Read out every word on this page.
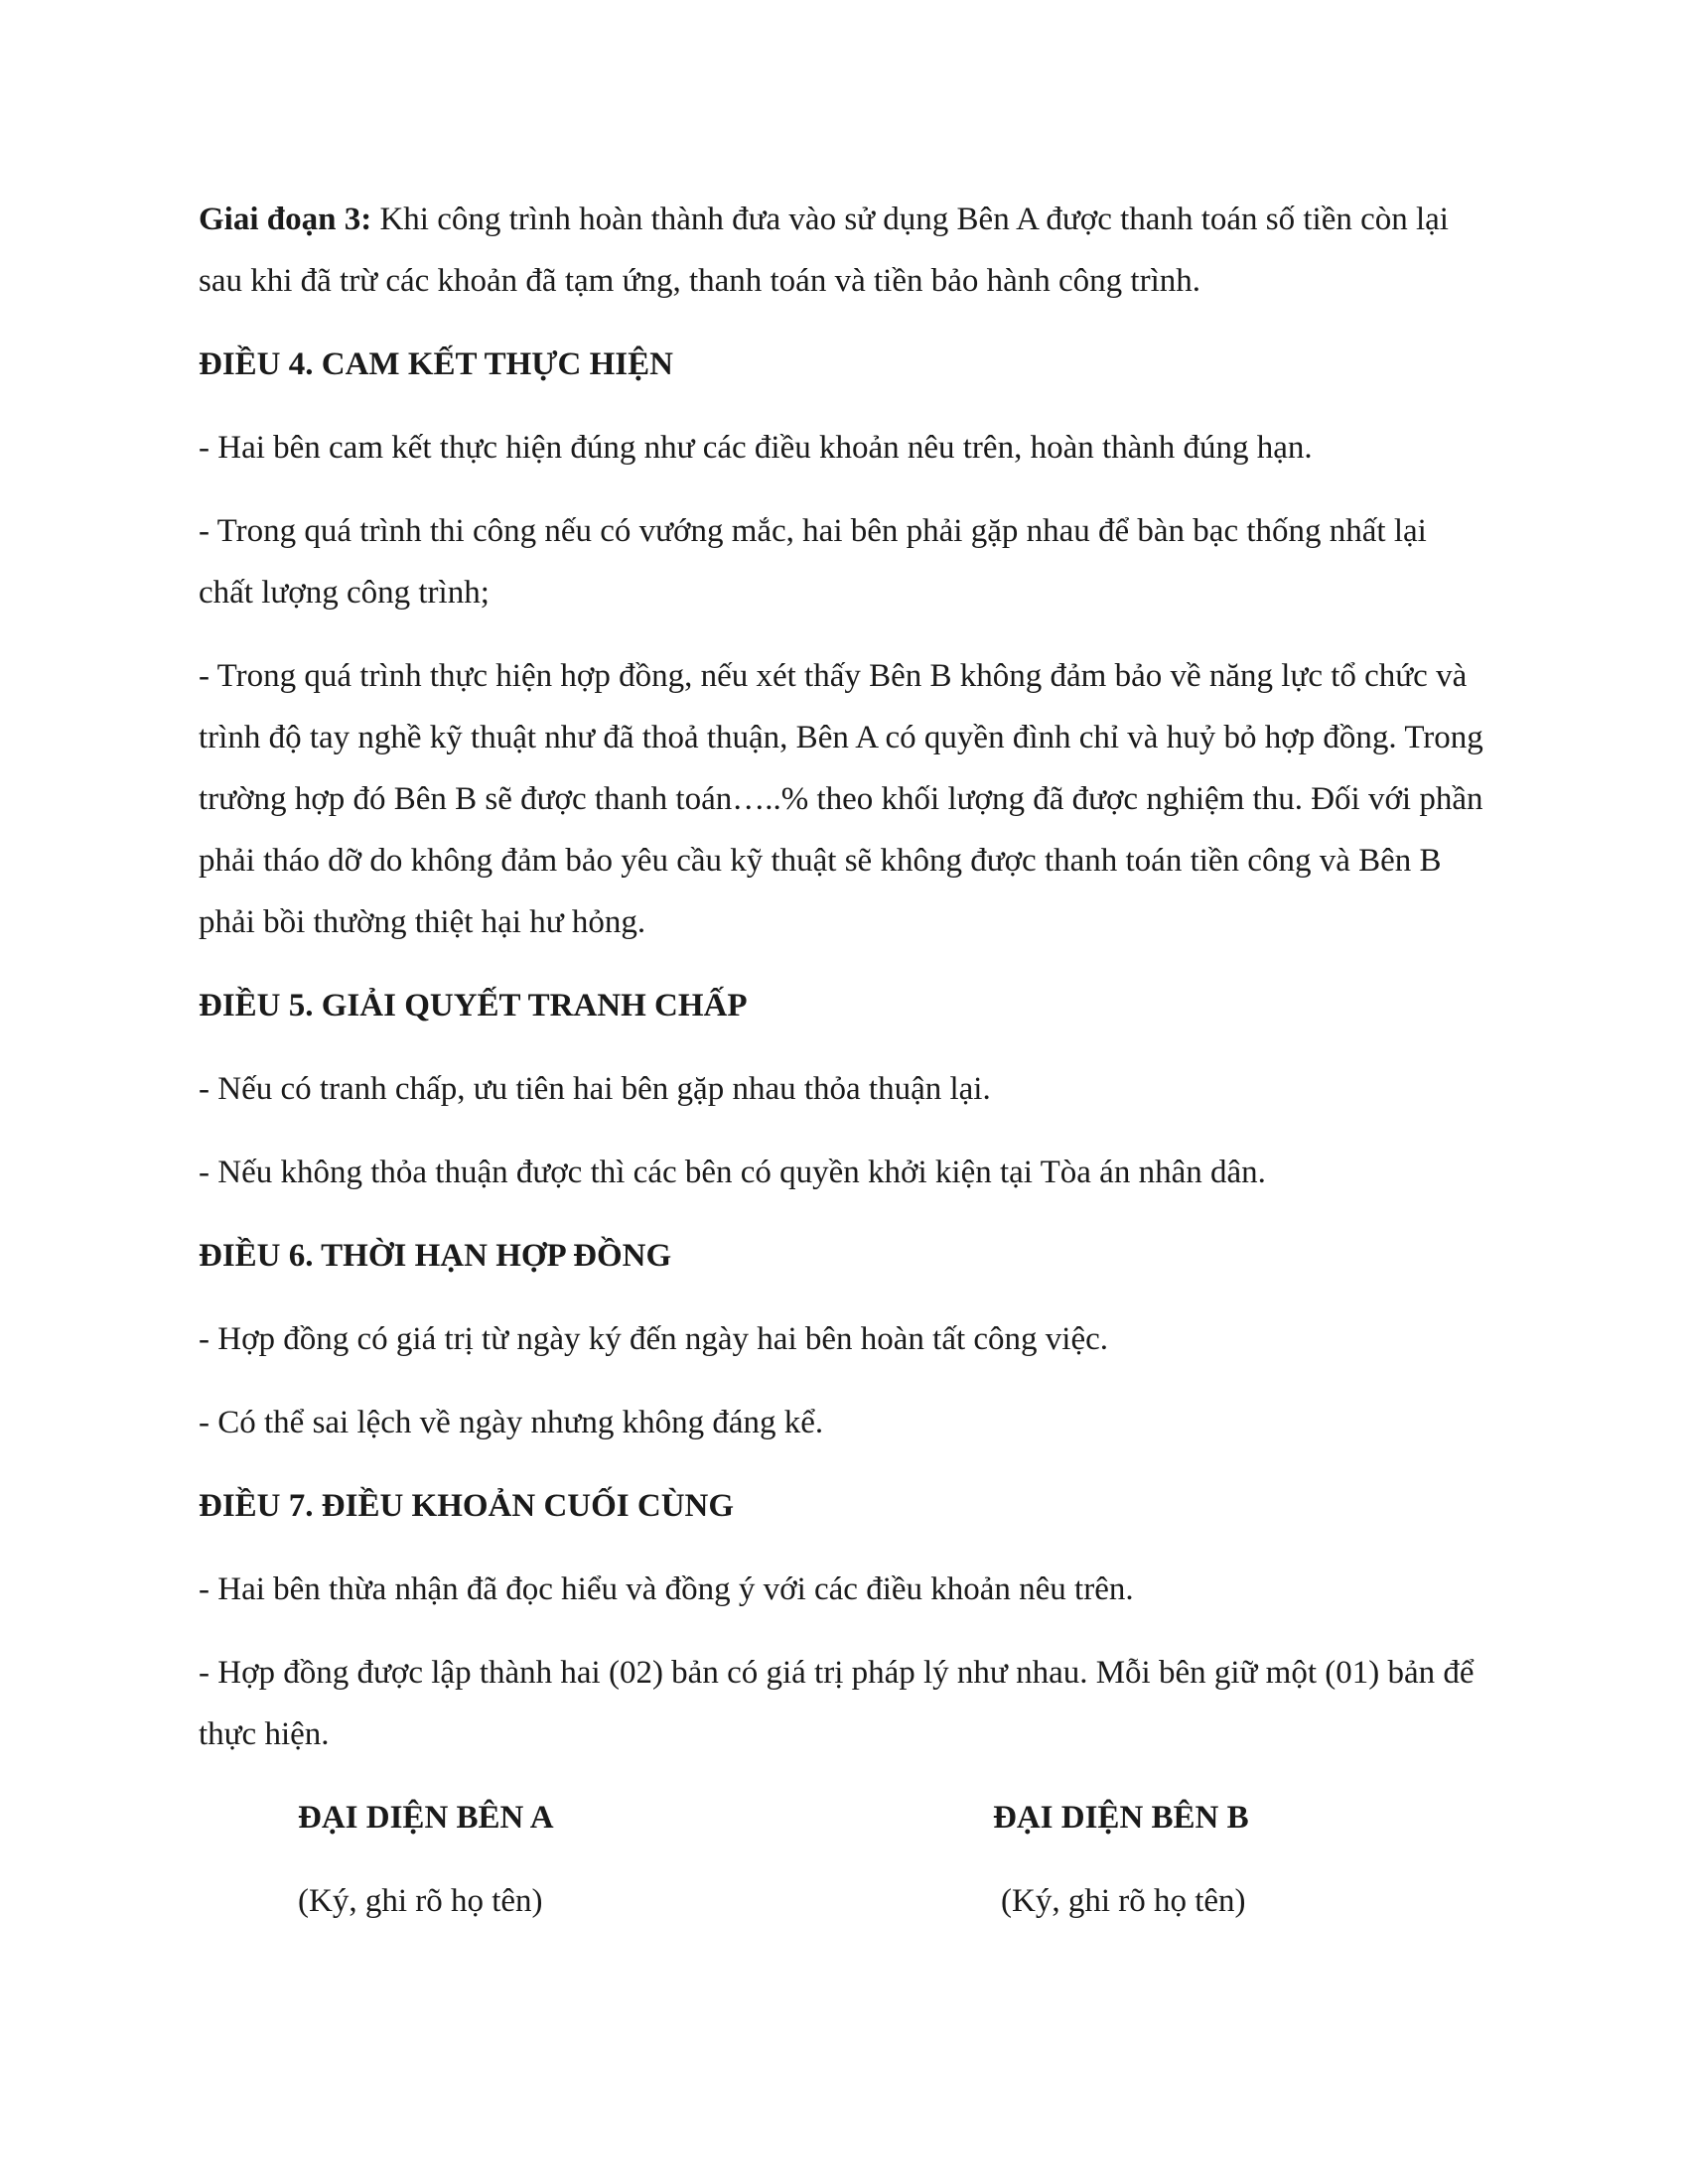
Giai đoạn 3: Khi công trình hoàn thành đưa vào sử dụng Bên A được thanh toán số tiền còn lại sau khi đã trừ các khoản đã tạm ứng, thanh toán và tiền bảo hành công trình.

ĐIỀU 4. CAM KẾT THỰC HIỆN

- Hai bên cam kết thực hiện đúng như các điều khoản nêu trên, hoàn thành đúng hạn.

- Trong quá trình thi công nếu có vướng mắc, hai bên phải gặp nhau để bàn bạc thống nhất lại chất lượng công trình;

- Trong quá trình thực hiện hợp đồng, nếu xét thấy Bên B không đảm bảo về năng lực tổ chức và trình độ tay nghề kỹ thuật như đã thoả thuận, Bên A có quyền đình chỉ và huỷ bỏ hợp đồng. Trong trường hợp đó Bên B sẽ được thanh toán…..% theo khối lượng đã được nghiệm thu. Đối với phần phải tháo dỡ do không đảm bảo yêu cầu kỹ thuật sẽ không được thanh toán tiền công và Bên B phải bồi thường thiệt hại hư hỏng.

ĐIỀU 5. GIẢI QUYẾT TRANH CHẤP

- Nếu có tranh chấp, ưu tiên hai bên gặp nhau thỏa thuận lại.

- Nếu không thỏa thuận được thì các bên có quyền khởi kiện tại Tòa án nhân dân.

ĐIỀU 6. THỜI HẠN HỢP ĐỒNG

- Hợp đồng có giá trị từ ngày ký đến ngày hai bên hoàn tất công việc.

- Có thể sai lệch về ngày nhưng không đáng kể.

ĐIỀU 7. ĐIỀU KHOẢN CUỐI CÙNG

- Hai bên thừa nhận đã đọc hiểu và đồng ý với các điều khoản nêu trên.

- Hợp đồng được lập thành hai (02) bản có giá trị pháp lý như nhau. Mỗi bên giữ một (01) bản để thực hiện.

ĐẠI DIỆN BÊN A

(Ký, ghi rõ họ tên)

ĐẠI DIỆN BÊN B

(Ký, ghi rõ họ tên)
